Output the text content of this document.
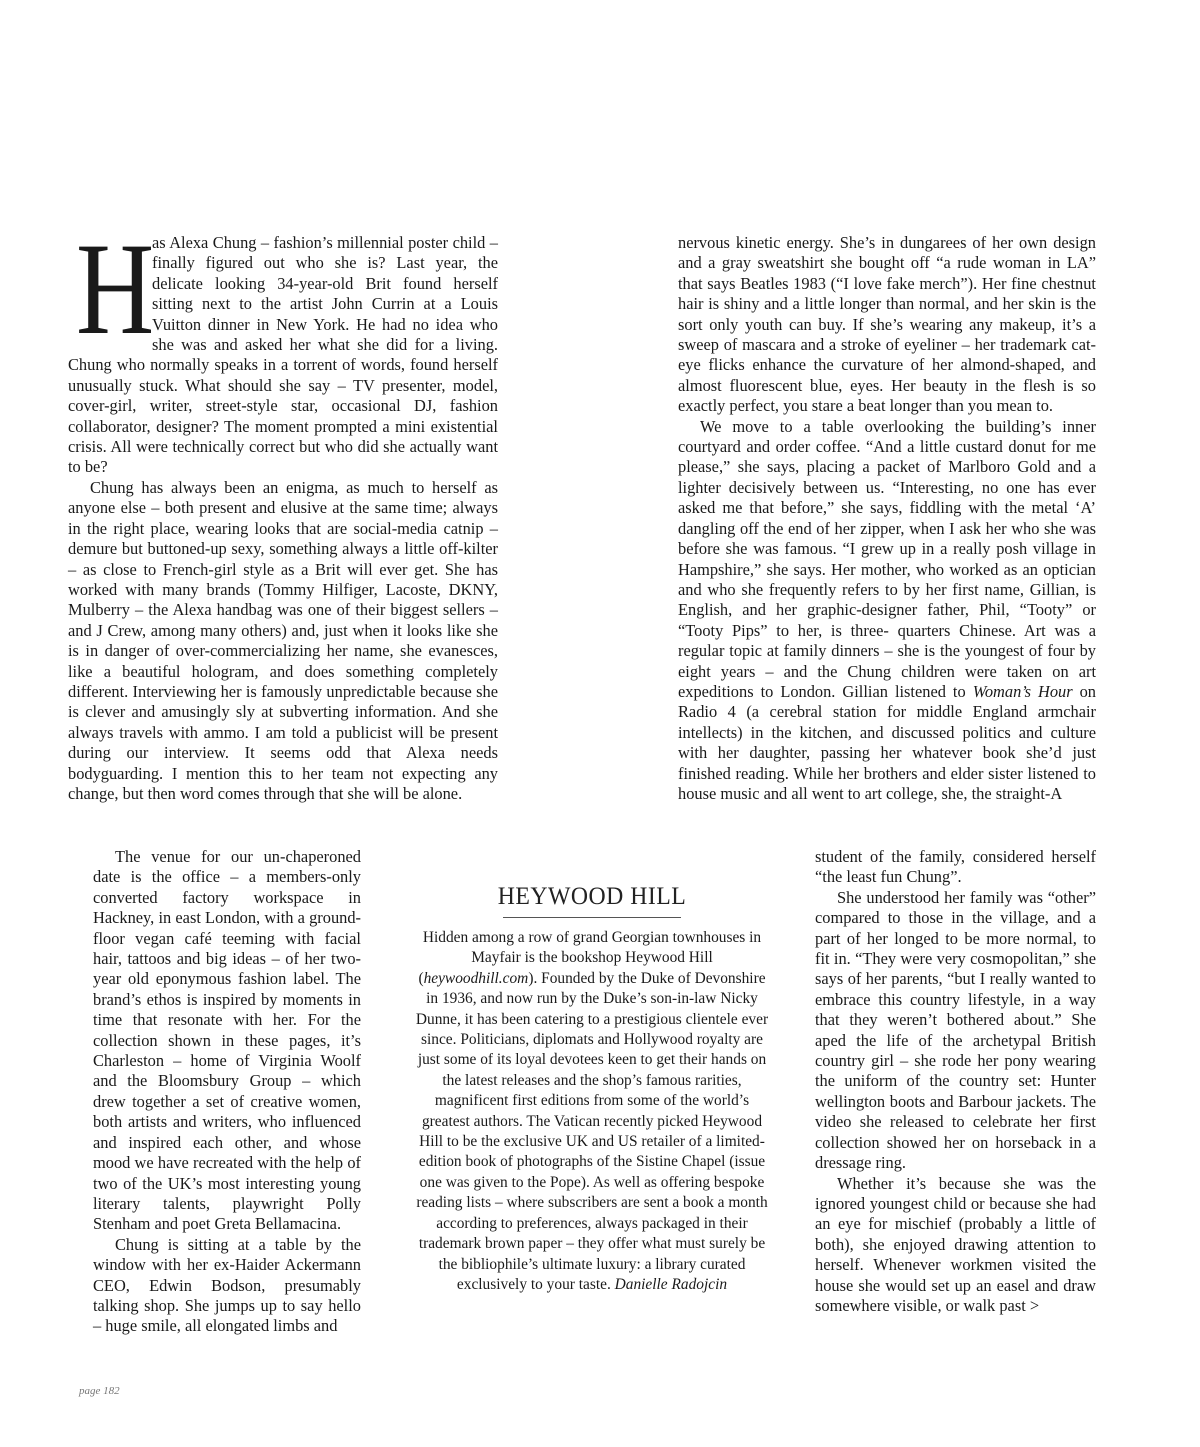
H
as Alexa Chung – fashion’s millennial poster child – finally figured out who she is? Last year, the delicate looking 34-year-old Brit found herself sitting next to the artist John Currin at a Louis Vuitton dinner in New York. He had no idea who she was and asked her what she did for a living. Chung who normally speaks in a torrent of words, found herself unusually stuck. What should she say – TV presenter, model, cover-girl, writer, street-style star, occasional DJ, fashion collaborator, designer? The moment prompted a mini existential crisis. All were technically correct but who did she actually want to be?

Chung has always been an enigma, as much to herself as anyone else – both present and elusive at the same time; always in the right place, wearing looks that are social-media catnip – demure but buttoned-up sexy, something always a little off-kilter – as close to French-girl style as a Brit will ever get. She has worked with many brands (Tommy Hilfiger, Lacoste, DKNY, Mulberry – the Alexa handbag was one of their biggest sellers – and J Crew, among many others) and, just when it looks like she is in danger of over-commercializing her name, she evanesces, like a beautiful hologram, and does something completely different. Interviewing her is famously unpredictable because she is clever and amusingly sly at subverting information. And she always travels with ammo. I am told a publicist will be present during our interview. It seems odd that Alexa needs bodyguarding. I mention this to her team not expecting any change, but then word comes through that she will be alone.

The venue for our un-chaperoned date is the office – a members-only converted factory workspace in Hackney, in east London, with a ground-floor vegan café teeming with facial hair, tattoos and big ideas – of her two-year old eponymous fashion label. The brand’s ethos is inspired by moments in time that resonate with her. For the collection shown in these pages, it’s Charleston – home of Virginia Woolf and the Bloomsbury Group – which drew together a set of creative women, both artists and writers, who influenced and inspired each other, and whose mood we have recreated with the help of two of the UK’s most interesting young literary talents, playwright Polly Stenham and poet Greta Bellamacina.

Chung is sitting at a table by the window with her ex-Haider Ackermann CEO, Edwin Bodson, presumably talking shop. She jumps up to say hello – huge smile, all elongated limbs and

nervous kinetic energy. She’s in dungarees of her own design and a gray sweatshirt she bought off “a rude woman in LA” that says Beatles 1983 (“I love fake merch”). Her fine chestnut hair is shiny and a little longer than normal, and her skin is the sort only youth can buy. If she’s wearing any makeup, it’s a sweep of mascara and a stroke of eyeliner – her trademark cat-eye flicks enhance the curvature of her almond-shaped, and almost fluorescent blue, eyes. Her beauty in the flesh is so exactly perfect, you stare a beat longer than you mean to.

We move to a table overlooking the building’s inner courtyard and order coffee. “And a little custard donut for me please,” she says, placing a packet of Marlboro Gold and a lighter decisively between us. “Interesting, no one has ever asked me that before,” she says, fiddling with the metal ‘A’ dangling off the end of her zipper, when I ask her who she was before she was famous. “I grew up in a really posh village in Hampshire,” she says. Her mother, who worked as an optician and who she frequently refers to by her first name, Gillian, is English, and her graphic-designer father, Phil, “Tooty” or “Tooty Pips” to her, is three- quarters Chinese. Art was a regular topic at family dinners – she is the youngest of four by eight years – and the Chung children were taken on art expeditions to London. Gillian listened to Woman’s Hour on Radio 4 (a cerebral station for middle England armchair intellects) in the kitchen, and discussed politics and culture with her daughter, passing her whatever book she’d just finished reading. While her brothers and elder sister listened to house music and all went to art college, she, the straight-A

student of the family, considered herself “the least fun Chung”.

She understood her family was “other” compared to those in the village, and a part of her longed to be more normal, to fit in. “They were very cosmopolitan,” she says of her parents, “but I really wanted to embrace this country lifestyle, in a way that they weren’t bothered about.” She aped the life of the archetypal British country girl – she rode her pony wearing the uniform of the country set: Hunter wellington boots and Barbour jackets. The video she released to celebrate her first collection showed her on horseback in a dressage ring.

Whether it’s because she was the ignored youngest child or because she had an eye for mischief (probably a little of both), she enjoyed drawing attention to herself. Whenever workmen visited the house she would set up an easel and draw somewhere visible, or walk past >

HEYWOOD HILL

Hidden among a row of grand Georgian townhouses in Mayfair is the bookshop Heywood Hill (heywoodhill.com). Founded by the Duke of Devonshire in 1936, and now run by the Duke’s son-in-law Nicky Dunne, it has been catering to a prestigious clientele ever since. Politicians, diplomats and Hollywood royalty are just some of its loyal devotees keen to get their hands on the latest releases and the shop’s famous rarities, magnificent first editions from some of the world’s greatest authors. The Vatican recently picked Heywood Hill to be the exclusive UK and US retailer of a limited-edition book of photographs of the Sistine Chapel (issue one was given to the Pope). As well as offering bespoke reading lists – where subscribers are sent a book a month according to preferences, always packaged in their trademark brown paper – they offer what must surely be the bibliophile’s ultimate luxury: a library curated exclusively to your taste. Danielle Radojcin

page 182
